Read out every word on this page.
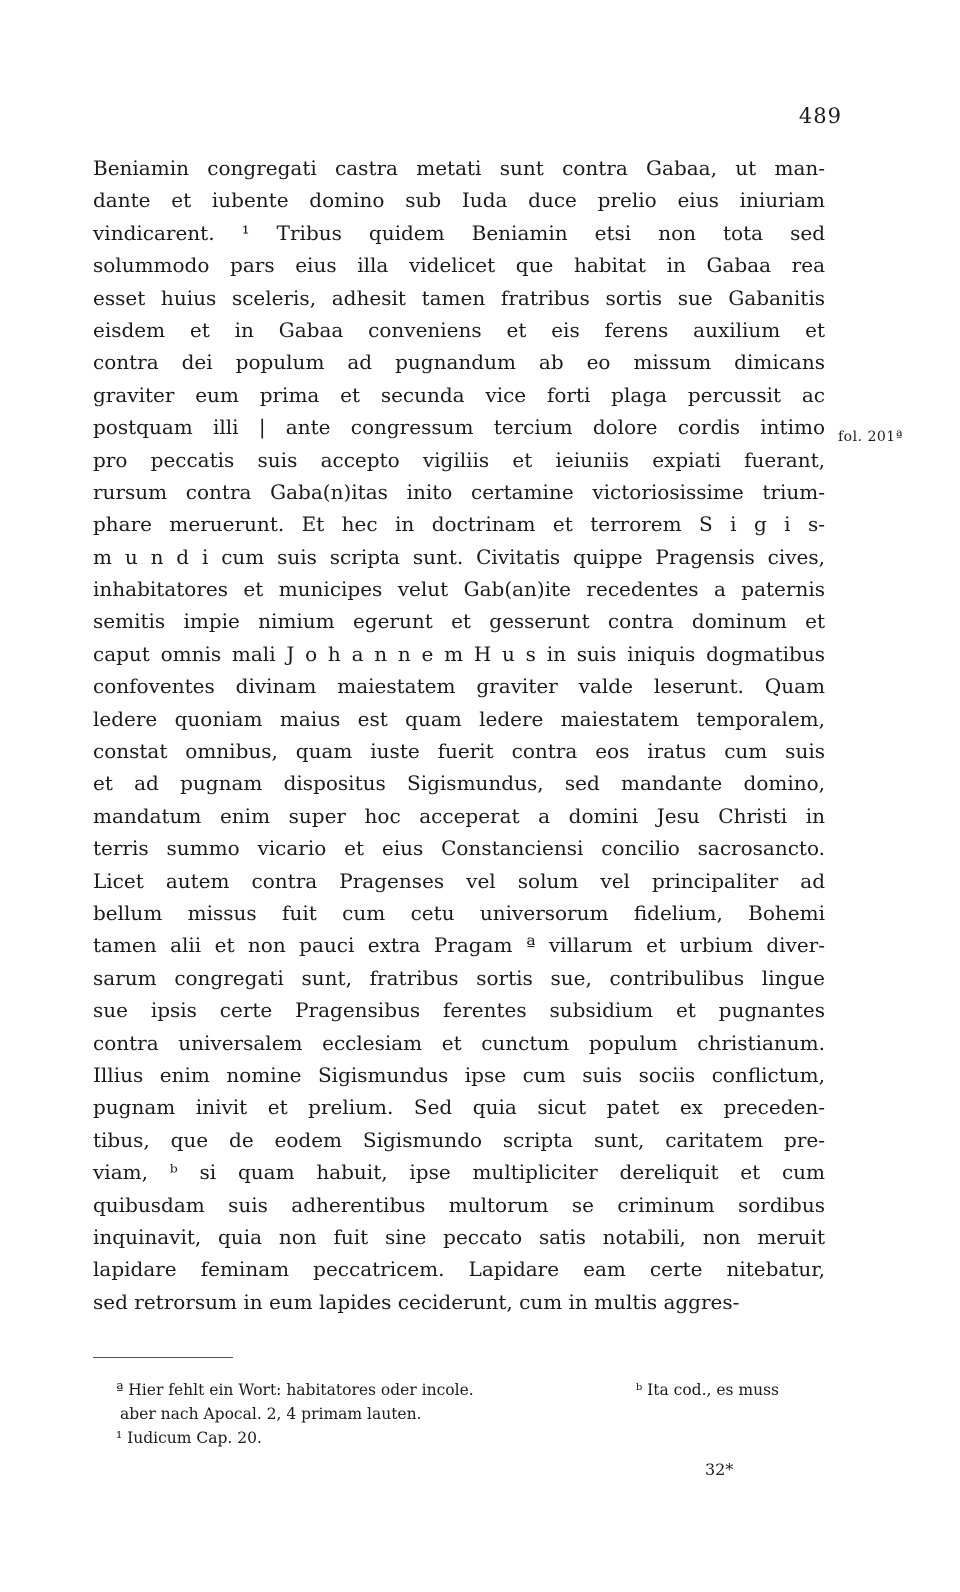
489
Beniamin congregati castra metati sunt contra Gabaa, ut man-
dante et iubente domino sub Iuda duce prelio eius iniuriam
vindicarent. ¹ Tribus quidem Beniamin etsi non tota sed
solummodo pars eius illa videlicet que habitat in Gabaa rea
esset huius sceleris, adhesit tamen fratribus sortis sue Gabanitis
eisdem et in Gabaa conveniens et eis ferens auxilium et
contra dei populum ad pugnandum ab eo missum dimicans
graviter eum prima et secunda vice forti plaga percussit ac
postquam illi | ante congressum tercium dolore cordis intimo
pro peccatis suis accepto vigiliis et ieiuniis expiati fuerant,
rursum contra Gaba(n)itas inito certamine victoriosissime trium-
phare meruerunt. Et hec in doctrinam et terrorem S i g i s-
m u n d i cum suis scripta sunt. Civitatis quippe Pragensis cives,
inhabitatores et municipes velut Gab(an)ite recedentes a paternis
semitis impie nimium egerunt et gesserunt contra dominum et
caput omnis mali J o h a n n e m H u s in suis iniquis dogmatibus
confoventes divinam maiestatem graviter valde leserunt. Quam
ledere quoniam maius est quam ledere maiestatem temporalem,
constat omnibus, quam iuste fuerit contra eos iratus cum suis
et ad pugnam dispositus Sigismundus, sed mandante domino,
mandatum enim super hoc acceperat a domini Jesu Christi in
terris summo vicario et eius Constanciensi concilio sacrosancto.
Licet autem contra Pragenses vel solum vel principaliter ad
bellum missus fuit cum cetu universorum fidelium, Bohemi
tamen alii et non pauci extra Pragam ª villarum et urbium diver-
sarum congregati sunt, fratribus sortis sue, contribulibus lingue
sue ipsis certe Pragensibus ferentes subsidium et pugnantes
contra universalem ecclesiam et cunctum populum christianum.
Illius enim nomine Sigismundus ipse cum suis sociis conflictum,
pugnam inivit et prelium. Sed quia sicut patet ex preceden-
tibus, que de eodem Sigismundo scripta sunt, caritatem pre-
viam, ᵇ si quam habuit, ipse multipliciter dereliquit et cum
quibusdam suis adherentibus multorum se criminum sordibus
inquinavit, quia non fuit sine peccato satis notabili, non meruit
lapidare feminam peccatricem. Lapidare eam certe nitebatur,
sed retrorsum in eum lapides ceciderunt, cum in multis aggres-
fol. 201ª
ª Hier fehlt ein Wort: habitatores oder incole.	ᵇ Ita cod., es muss
aber nach Apocal. 2, 4 primam lauten.
¹ Iudicum Cap. 20.
32*
